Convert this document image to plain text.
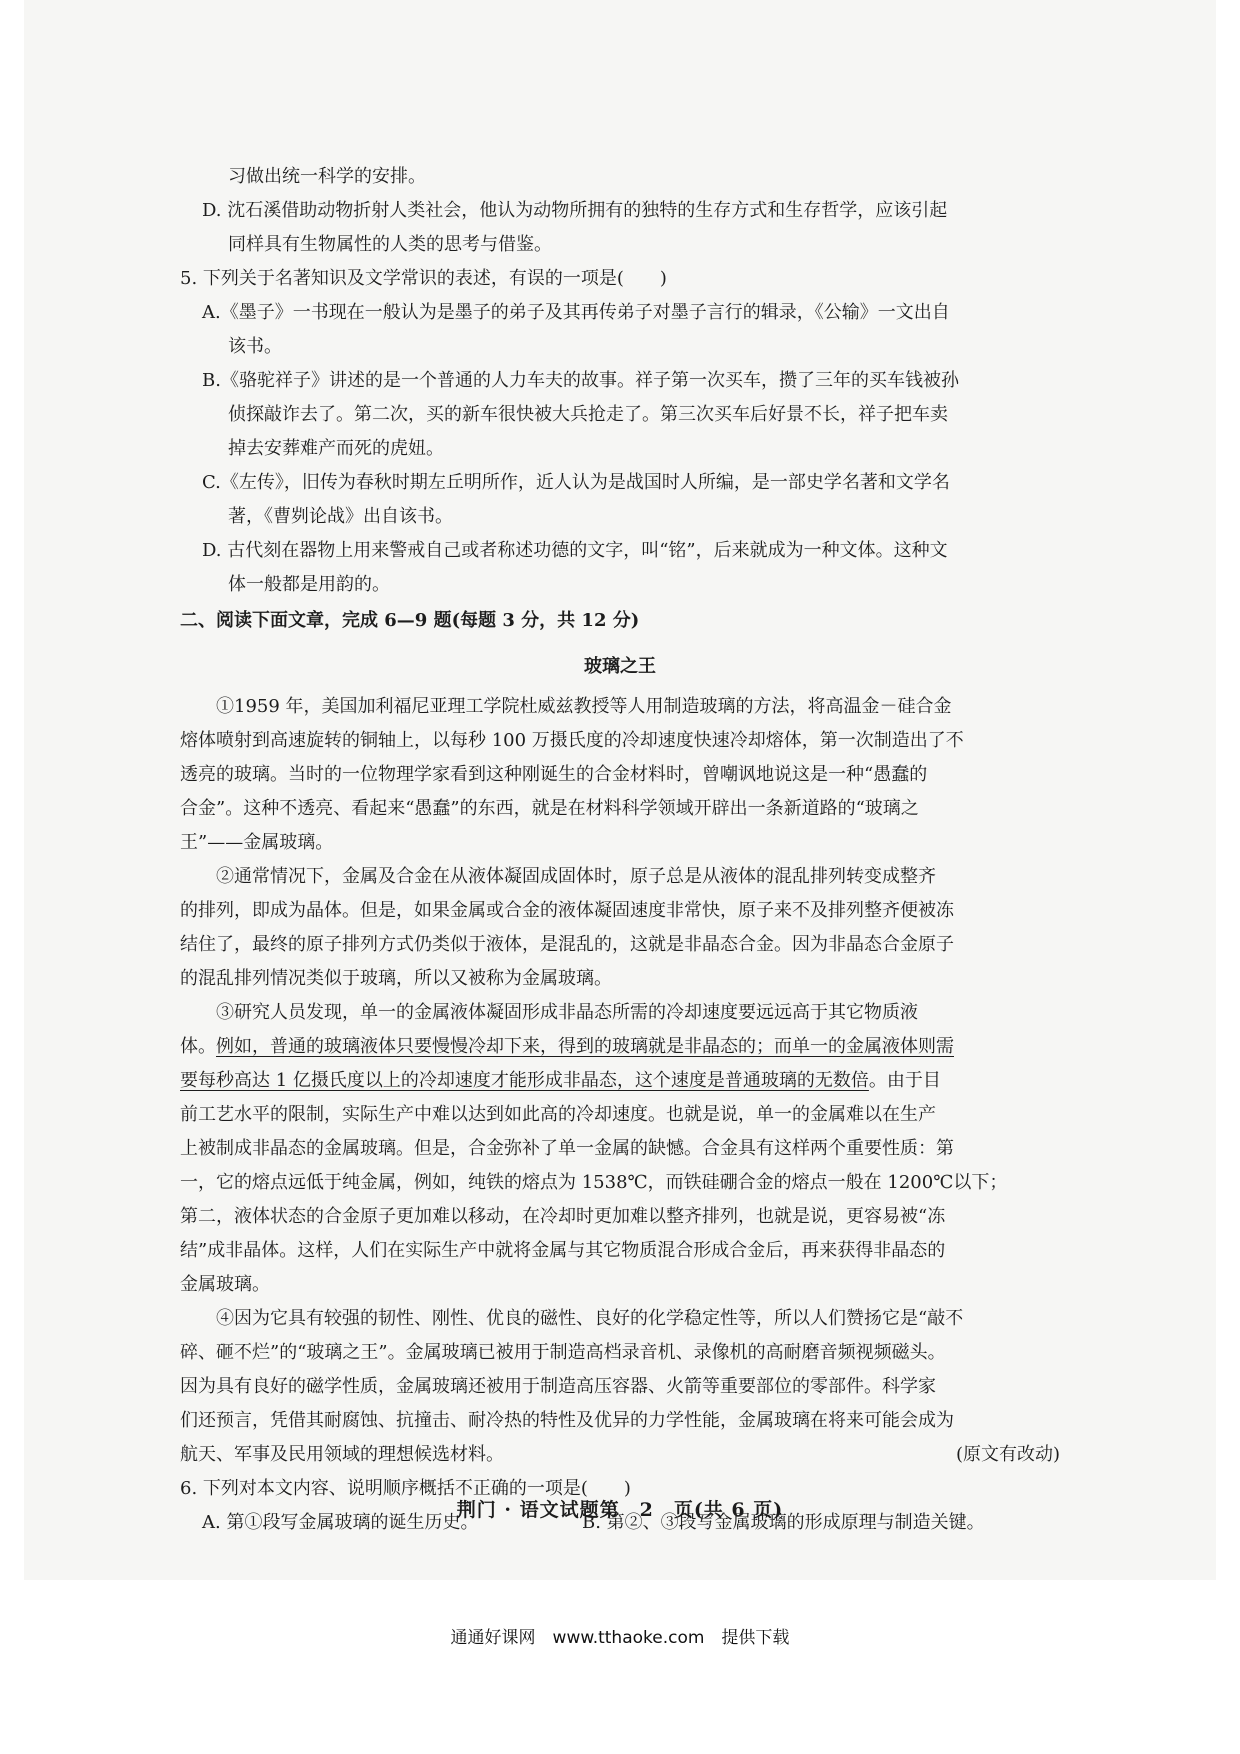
习做出统一科学的安排。
D. 沈石溪借助动物折射人类社会，他认为动物所拥有的独特的生存方式和生存哲学，应该引起
同样具有生物属性的人类的思考与借鉴。
5. 下列关于名著知识及文学常识的表述，有误的一项是(　　)
A.《墨子》一书现在一般认为是墨子的弟子及其再传弟子对墨子言行的辑录，《公输》一文出自
该书。
B.《骆驼祥子》讲述的是一个普通的人力车夫的故事。祥子第一次买车，攒了三年的买车钱被孙
侦探敲诈去了。第二次，买的新车很快被大兵抢走了。第三次买车后好景不长，祥子把车卖
掉去安葬难产而死的虎妞。
C.《左传》，旧传为春秋时期左丘明所作，近人认为是战国时人所编，是一部史学名著和文学名
著，《曹刿论战》出自该书。
D. 古代刻在器物上用来警戒自己或者称述功德的文字，叫“铭”，后来就成为一种文体。这种文
体一般都是用韵的。
二、阅读下面文章，完成 6—9 题(每题 3 分，共 12 分)
玻璃之王
①1959 年，美国加利福尼亚理工学院杜威兹教授等人用制造玻璃的方法，将高温金－硅合金
熔体喷射到高速旋转的铜轴上，以每秒 100 万摄氏度的冷却速度快速冷却熔体，第一次制造出了不
透亮的玻璃。当时的一位物理学家看到这种刚诞生的合金材料时，曾嘲讽地说这是一种“愚蠢的
合金”。这种不透亮、看起来“愚蠢”的东西，就是在材料科学领域开辟出一条新道路的“玻璃之
王”——金属玻璃。
②通常情况下，金属及合金在从液体凝固成固体时，原子总是从液体的混乱排列转变成整齐
的排列，即成为晶体。但是，如果金属或合金的液体凝固速度非常快，原子来不及排列整齐便被冻
结住了，最终的原子排列方式仍类似于液体，是混乱的，这就是非晶态合金。因为非晶态合金原子
的混乱排列情况类似于玻璃，所以又被称为金属玻璃。
③研究人员发现，单一的金属液体凝固形成非晶态所需的冷却速度要远远高于其它物质液
体。例如，普通的玻璃液体只要慢慢冷却下来，得到的玻璃就是非晶态的；而单一的金属液体则需
要每秒高达 1 亿摄氏度以上的冷却速度才能形成非晶态，这个速度是普通玻璃的无数倍。由于目
前工艺水平的限制，实际生产中难以达到如此高的冷却速度。也就是说，单一的金属难以在生产
上被制成非晶态的金属玻璃。但是，合金弥补了单一金属的缺憾。合金具有这样两个重要性质：第
一，它的熔点远低于纯金属，例如，纯铁的熔点为 1538℃，而铁硅硼合金的熔点一般在 1200℃以下；
第二，液体状态的合金原子更加难以移动，在冷却时更加难以整齐排列，也就是说，更容易被“冻
结”成非晶体。这样，人们在实际生产中就将金属与其它物质混合形成合金后，再来获得非晶态的
金属玻璃。
④因为它具有较强的韧性、刚性、优良的磁性、良好的化学稳定性等，所以人们赞扬它是“敲不
碎、砸不烂”的“玻璃之王”。金属玻璃已被用于制造高档录音机、录像机的高耐磨音频视频磁头。
因为具有良好的磁学性质，金属玻璃还被用于制造高压容器、火箭等重要部位的零部件。科学家
们还预言，凭借其耐腐蚀、抗撞击、耐冷热的特性及优异的力学性能，金属玻璃在将来可能会成为
航天、军事及民用领域的理想候选材料。	(原文有改动)
6. 下列对本文内容、说明顺序概括不正确的一项是(　　)
A. 第①段写金属玻璃的诞生历史。	B. 第②、③段写金属玻璃的形成原理与制造关键。
荆门 · 语文试题第　2　页(共 6 页)
通通好课网　www.tthaoke.com　提供下载
